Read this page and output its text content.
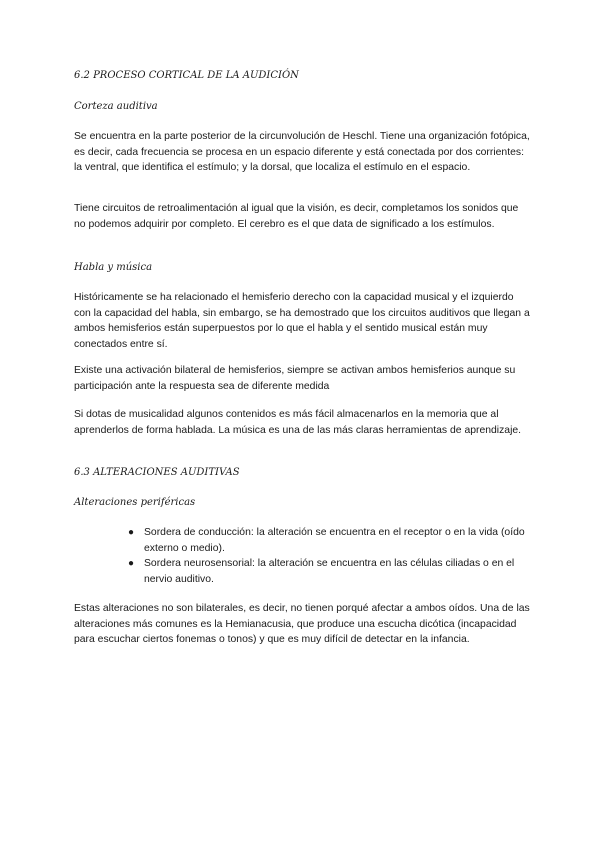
6.2 PROCESO CORTICAL DE LA AUDICIÓN
Corteza auditiva

Se encuentra en la parte posterior de la circunvolución de Heschl. Tiene una organización fotópica, es decir, cada frecuencia se procesa en un espacio diferente y está conectada por dos corrientes: la ventral, que identifica el estímulo; y la dorsal, que localiza el estímulo en el espacio.

Tiene circuitos de retroalimentación al igual que la visión, es decir, completamos los sonidos que no podemos adquirir por completo. El cerebro es el que data de significado a los estímulos.

Habla y música

Históricamente se ha relacionado el hemisferio derecho con la capacidad musical y el izquierdo con la capacidad del habla, sin embargo, se ha demostrado que los circuitos auditivos que llegan a ambos hemisferios están superpuestos por lo que el habla y el sentido musical están muy conectados entre sí.

Existe una activación bilateral de hemisferios, siempre se activan ambos hemisferios aunque su participación ante la respuesta sea de diferente medida

Si dotas de musicalidad algunos contenidos es más fácil almacenarlos en la memoria que al aprenderlos de forma hablada. La música es una de las más claras herramientas de aprendizaje.

6.3 ALTERACIONES AUDITIVAS
Alteraciones periféricas
● Sordera de conducción: la alteración se encuentra en el receptor o en la vida (oído externo o medio).
● Sordera neurosensorial: la alteración se encuentra en las células ciliadas o en el nervio auditivo.

Estas alteraciones no son bilaterales, es decir, no tienen porqué afectar a ambos oídos. Una de las alteraciones más comunes es la Hemianacusia, que produce una escucha dicótica (incapacidad para escuchar ciertos fonemas o tonos) y que es muy difícil de detectar en la infancia.
